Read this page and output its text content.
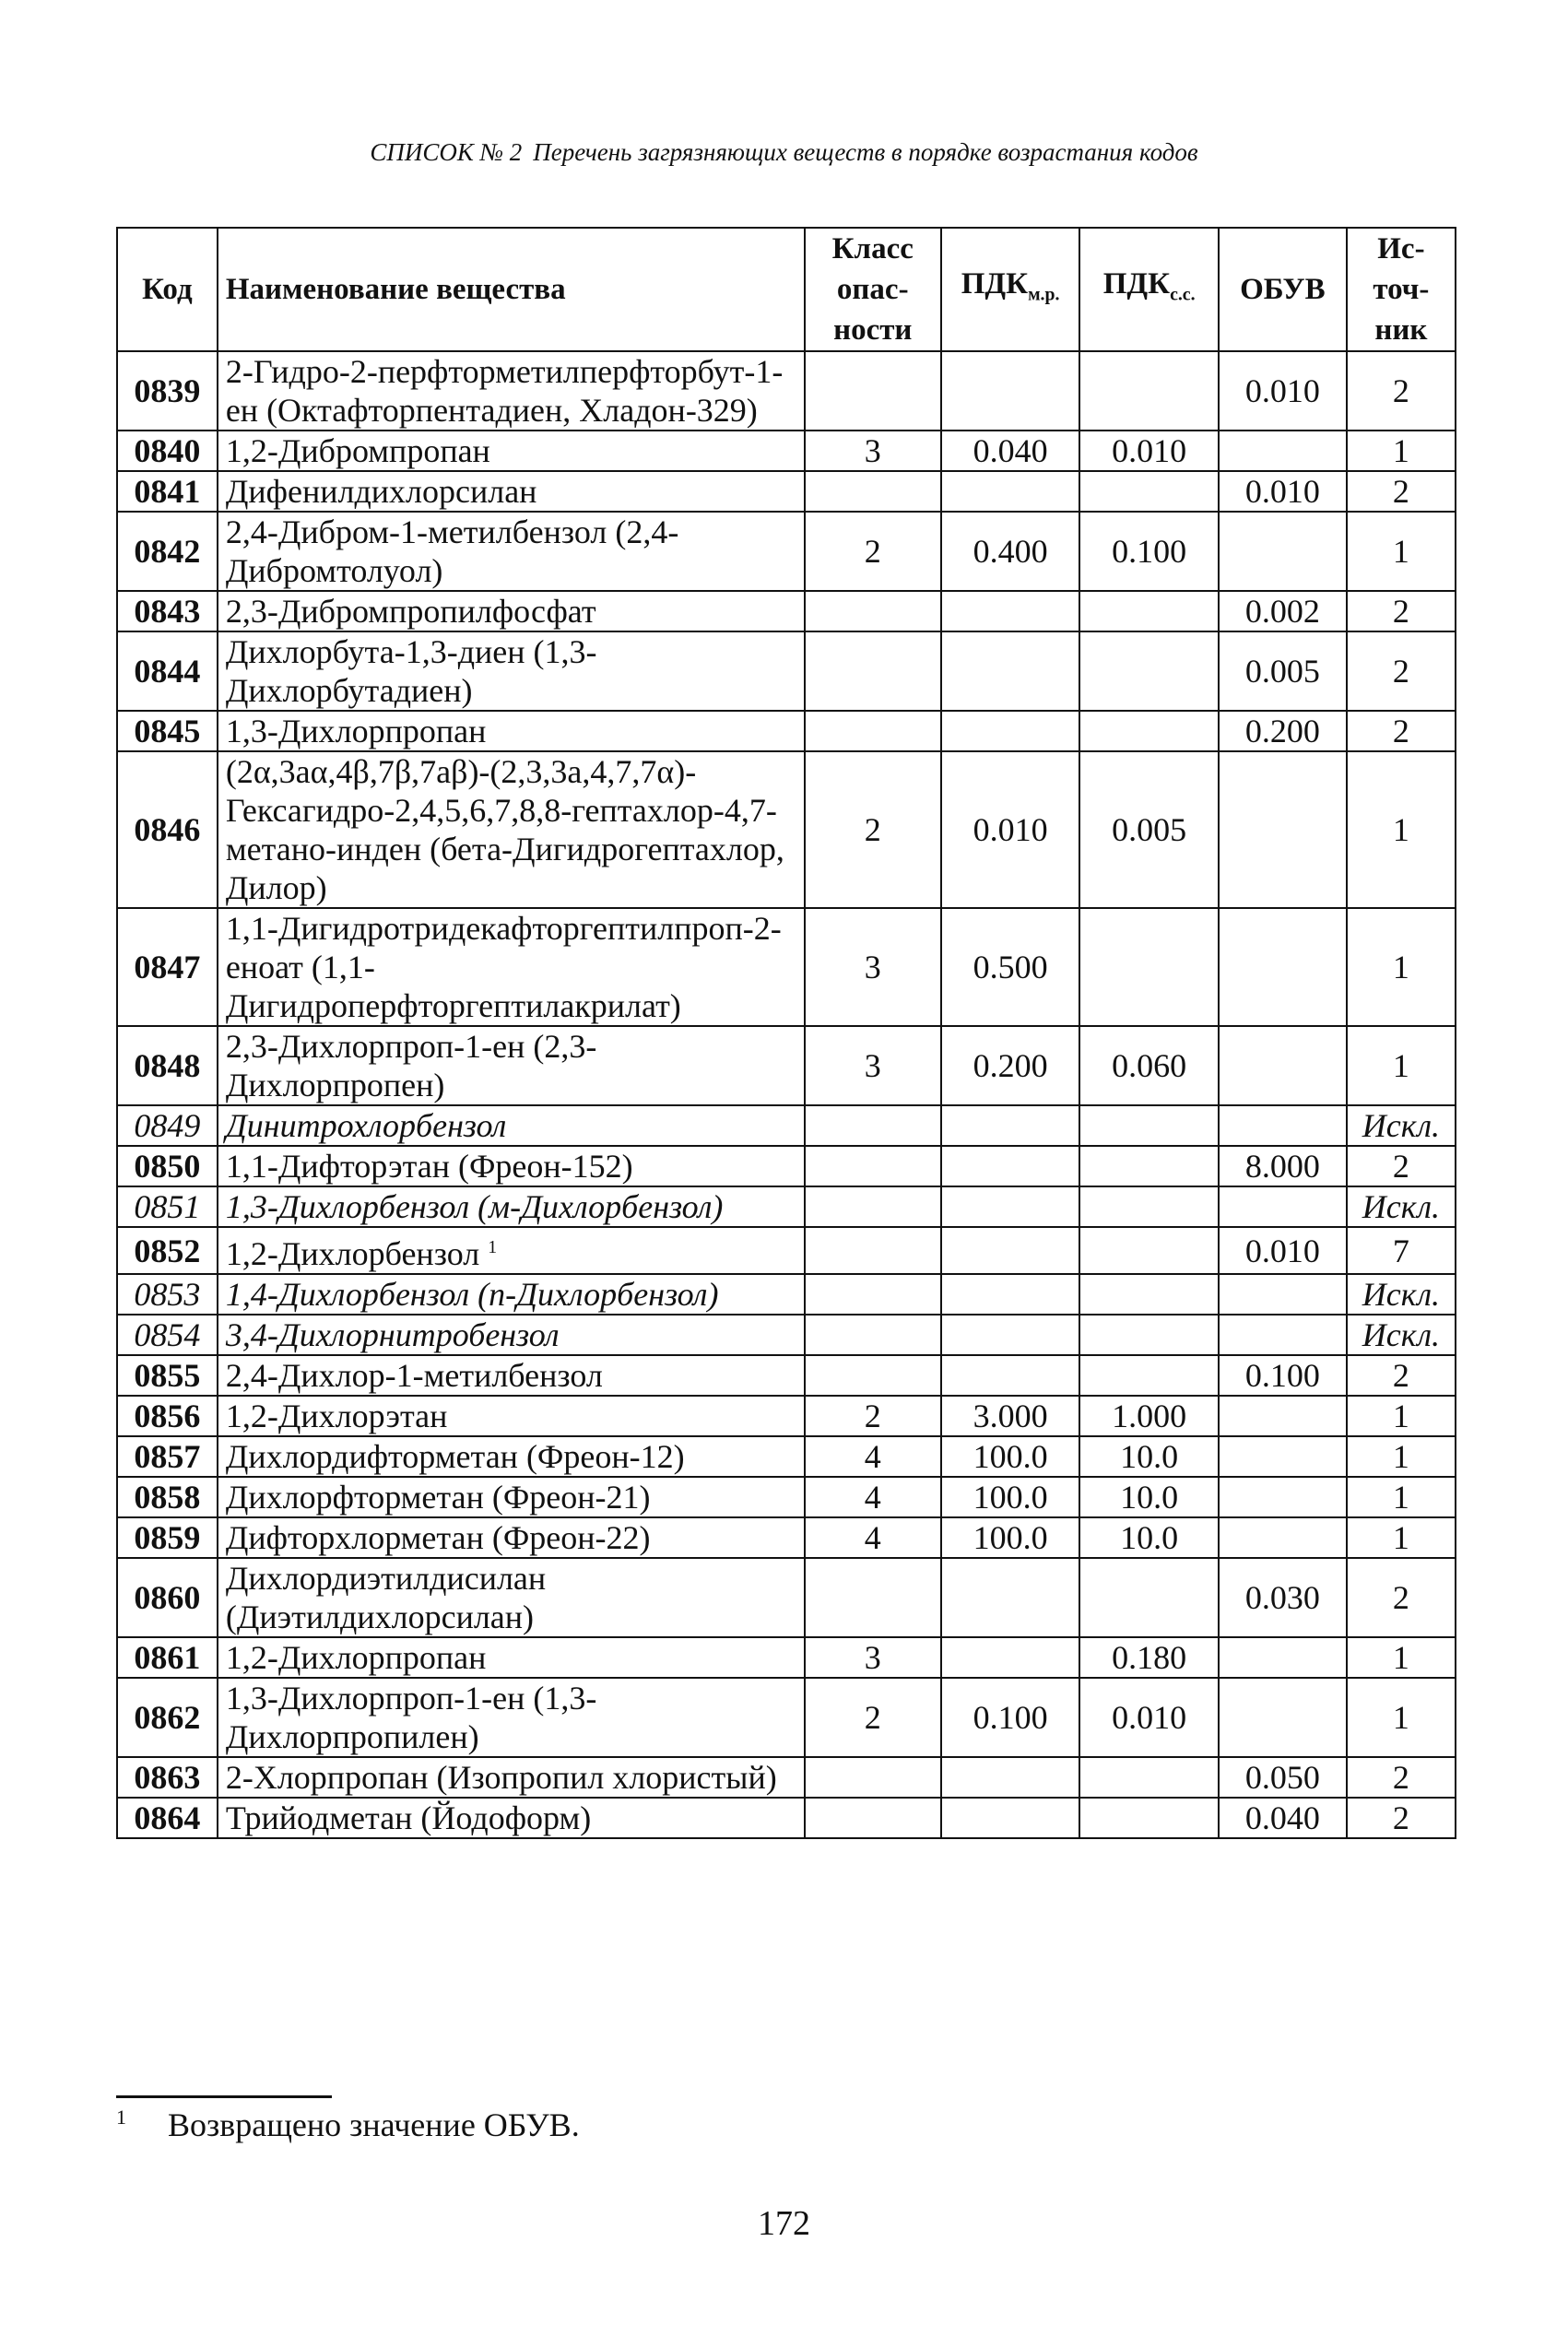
СПИСОК № 2 Перечень загрязняющих веществ в порядке возрастания кодов
Код	Наименование вещества	Класс
опас-
ности	$ПДК_{м.р.}$	$ПДК_{с.с.}$	ОБУВ	Ис-
точ-
ник
0839	2-Гидро-2-перфторметилперфторбут-1-ен (Октафторпентадиен, Хладон-329)				0.010	2
0840	1,2-Дибромпропан	3	0.040	0.010		1
0841	Дифенилдихлорсилан				0.010	2
0842	2,4-Дибром-1-метилбензол (2,4-Дибромтолуол)	2	0.400	0.100		1
0843	2,3-Дибромпропилфосфат				0.002	2
0844	Дихлорбута-1,3-диен (1,3-Дихлорбутадиен)				0.005	2
0845	1,3-Дихлорпропан				0.200	2
0846	(2α,3аα,4β,7β,7аβ)-(2,3,3а,4,7,7α)-Гексагидро-2,4,5,6,7,8,8-гептахлор-4,7-метано-инден (бета-Дигидрогептахлор, Дилор)	2	0.010	0.005		1
0847	1,1-Дигидротридекафторгептилпроп-2-еноат (1,1-Дигидроперфторгептилакрилат)	3	0.500			1
0848	2,3-Дихлорпроп-1-ен (2,3-Дихлорпропен)	3	0.200	0.060		1
0849	Динитрохлорбензол					Искл.
0850	1,1-Дифторэтан (Фреон-152)				8.000	2
0851	1,3-Дихлорбензол (м-Дихлорбензол)					Искл.
0852	1,2-Дихлорбензол $^1$				0.010	7
0853	1,4-Дихлорбензол (п-Дихлорбензол)					Искл.
0854	3,4-Дихлорнитробензол					Искл.
0855	2,4-Дихлор-1-метилбензол				0.100	2
0856	1,2-Дихлорэтан	2	3.000	1.000		1
0857	Дихлордифторметан (Фреон-12)	4	100.0	10.0		1
0858	Дихлорфторметан (Фреон-21)	4	100.0	10.0		1
0859	Дифторхлорметан (Фреон-22)	4	100.0	10.0		1
0860	Дихлордиэтилдисилан (Диэтилдихлорсилан)				0.030	2
0861	1,2-Дихлорпропан	3		0.180		1
0862	1,3-Дихлорпроп-1-ен (1,3-Дихлорпропилен)	2	0.100	0.010		1
0863	2-Хлорпропан (Изопропил хлористый)				0.050	2
0864	Трийодметан (Йодоформ)				0.040	2
1 Возвращено значение ОБУВ.
172
